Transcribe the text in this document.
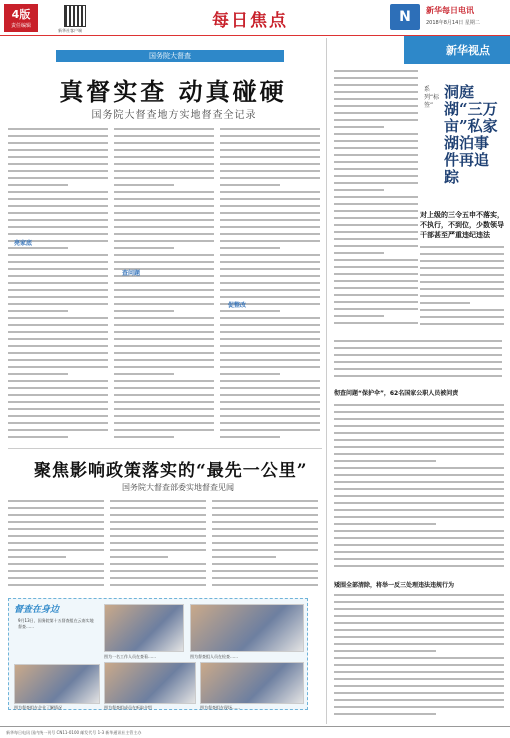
4版
责任编辑
新华社客户端	每日焦点	N	新华每日电讯
2018年8月14日 星期二
国务院大督查
真督实查 动真碰硬
国务院大督查地方实地督查全记录
亮家底
查问题
促整改
聚焦影响政策落实的“最先一公里”
国务院大督查部委实地督查见闻
督查在身边
9月13日，国务院第十五督查组在云南实地督查……
图为一名工作人员在查看……	图为督查组人员在检查……
图为督查组在企业了解情况	图为督查组成员在听取介绍	图为督查组在现场……
新华视点
系列“标签”
洞庭湖“三万亩”私家湖泊事件再追踪
对上级的三令五申不落实，不执行，不到位，少数领导干部甚至严重违纪违法
彻查问题“保护伞”，62名国家公职人员被问责
矮围全部清除，将举一反三处理违法违规行为
新华每日电讯 国内统一刊号 CN11-0100 邮发代号 1-3 新华通讯社主管主办
